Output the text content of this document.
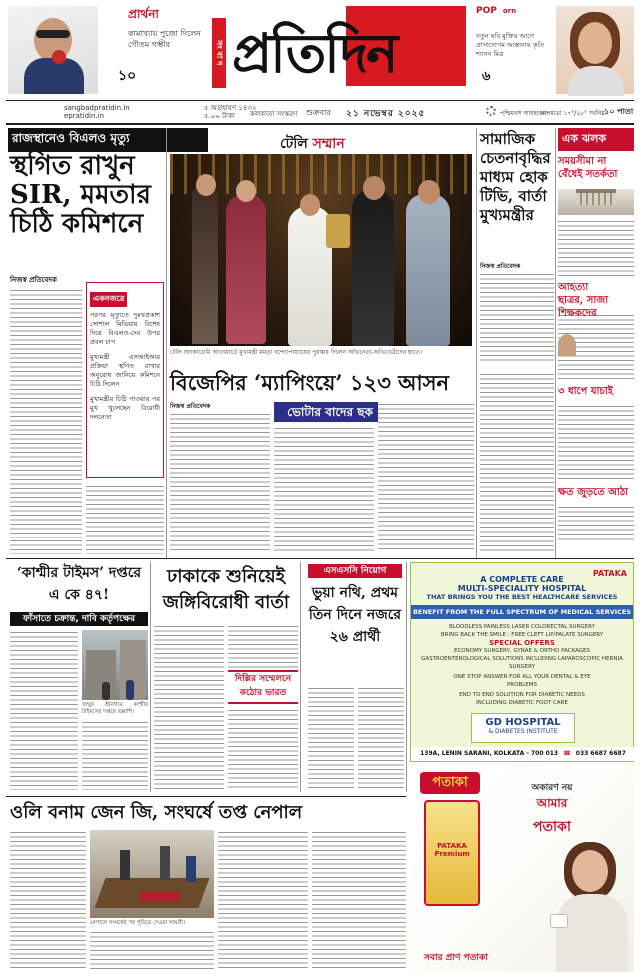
প্রার্থনা
কামাখ্যায় পুজো দিলেন গৌতম গম্ভীর
১০
সং বা দ প্রতিদিন
POP orn
নতুন ছবি মুক্তির আগে প্রাসাদোপম আস্তানায় কৃতি শ্যানন মিত্র
৬
sangbadpratidin.in
epratidin.in
৫ অগ্রহায়ণ ১৪৩২
৫.০০ টাকা	কলকাতা সংস্করণ শুক্রবার ২১ নভেম্বর ২০২৫	পশ্চিমবঙ্গ আবহাওয়া
তাপমাত্রা ১৭°/২৮° সর্বনিম্ন ১০ পাতা
রাজস্থানেও বিএলও মৃত্যু
স্থগিত রাখুন SIR, মমতার চিঠি কমিশনে
নিজস্ব প্রতিবেদক
একনজরে
পরপর মৃত্যুতে দুঃখপ্রকাশ সোশাল মিডিয়ায় বিশেষ দিয়ে বিএলও-দের উপর প্রবল চাপ
মুখ্যমন্ত্রী এসআইআর প্রক্রিয়া স্থগিত রাখার অনুরোধ জানিয়ে কমিশনে চিঠি দিলেন
মুখ্যমন্ত্রীর চিঠি পাওয়ার পর মুখ খুলেছেন বিরোধী দলনেতা
টেলি সম্মান
টেলি অ্যাকাডেমি অ্যাওয়ার্ডে মুখ্যমন্ত্রী মমতা বন্দ্যোপাধ্যায়ের পুরস্কার দিলেন অভিনেতা-অভিনেত্রীদের হাতে।
সামাজিক চেতনাবৃদ্ধির মাধ্যম হোক টিভি, বার্তা মুখ্যমন্ত্রীর
নিজস্ব প্রতিবেদক
এক ঝলক
সময়সীমা না বেঁধেই সতর্কতা
আহত্যা ছাত্রর, সাজা শিক্ষকদের
৩ ধাপে যাচাই
ক্ষত জুড়তে আঠা
বিজেপির ‘ম্যাপিংয়ে’ ১২৩ আসন
ভোটার বাদের ছক
নিজস্ব প্রতিবেদক
‘কাশ্মীর টাইমস’ দপ্তরে এ কে ৪৭!
ফাঁসাতে চক্রান্ত, দাবি কর্তৃপক্ষের
জম্মুর শ্রীনগরে কাশ্মীর টাইমসের দপ্তরে তল্লাশি।
ঢাকাকে শুনিয়েই জঙ্গিবিরোধী বার্তা
দিল্লির সম্মেলনে কঠোর ভারত
এসএসসি নিয়োগ
ভুয়া নথি, প্রথম তিন দিনে নজরে ২৬ প্রার্থী
ওলি বনাম জেন জি, সংঘর্ষে তপ্ত নেপাল
নেপালে সংঘর্ষের পর পুড়িয়ে দেওয়া সামগ্রী।
PATAKA
A COMPLETE CARE
MULTI-SPECIALITY HOSPITAL
THAT BRINGS YOU THE BEST HEALTHCARE SERVICES
BENEFIT FROM THE FULL SPECTRUM OF MEDICAL SERVICES
BLOODLESS PAINLESS LASER COLORECTAL SURGERY
BRING BACK THE SMILE : FREE CLEFT LIP/PALATE SURGERY
SPECIAL OFFERS
ECONOMY SURGERY, GYNAE & ORTHO PACKAGES
GASTROENTEROLOGICAL SOLUTIONS INCLUDING LAPAROSCOPIC HERNIA SURGERY
ONE STOP ANSWER FOR ALL YOUR DENTAL & EYE PROBLEMS
END TO END SOLUTION FOR DIABETIC NEEDS INCLUDING DIABETIC FOOT CARE
GD HOSPITAL
& DIABETES INSTITUTE
139A, LENIN SARANI, KOLKATA - 700 013 ☎ 033 6687 6687
পতাকা
PATAKA Premium
অকারণ নয়
আমার
পতাকা
সবার প্রাণ পতাকা
